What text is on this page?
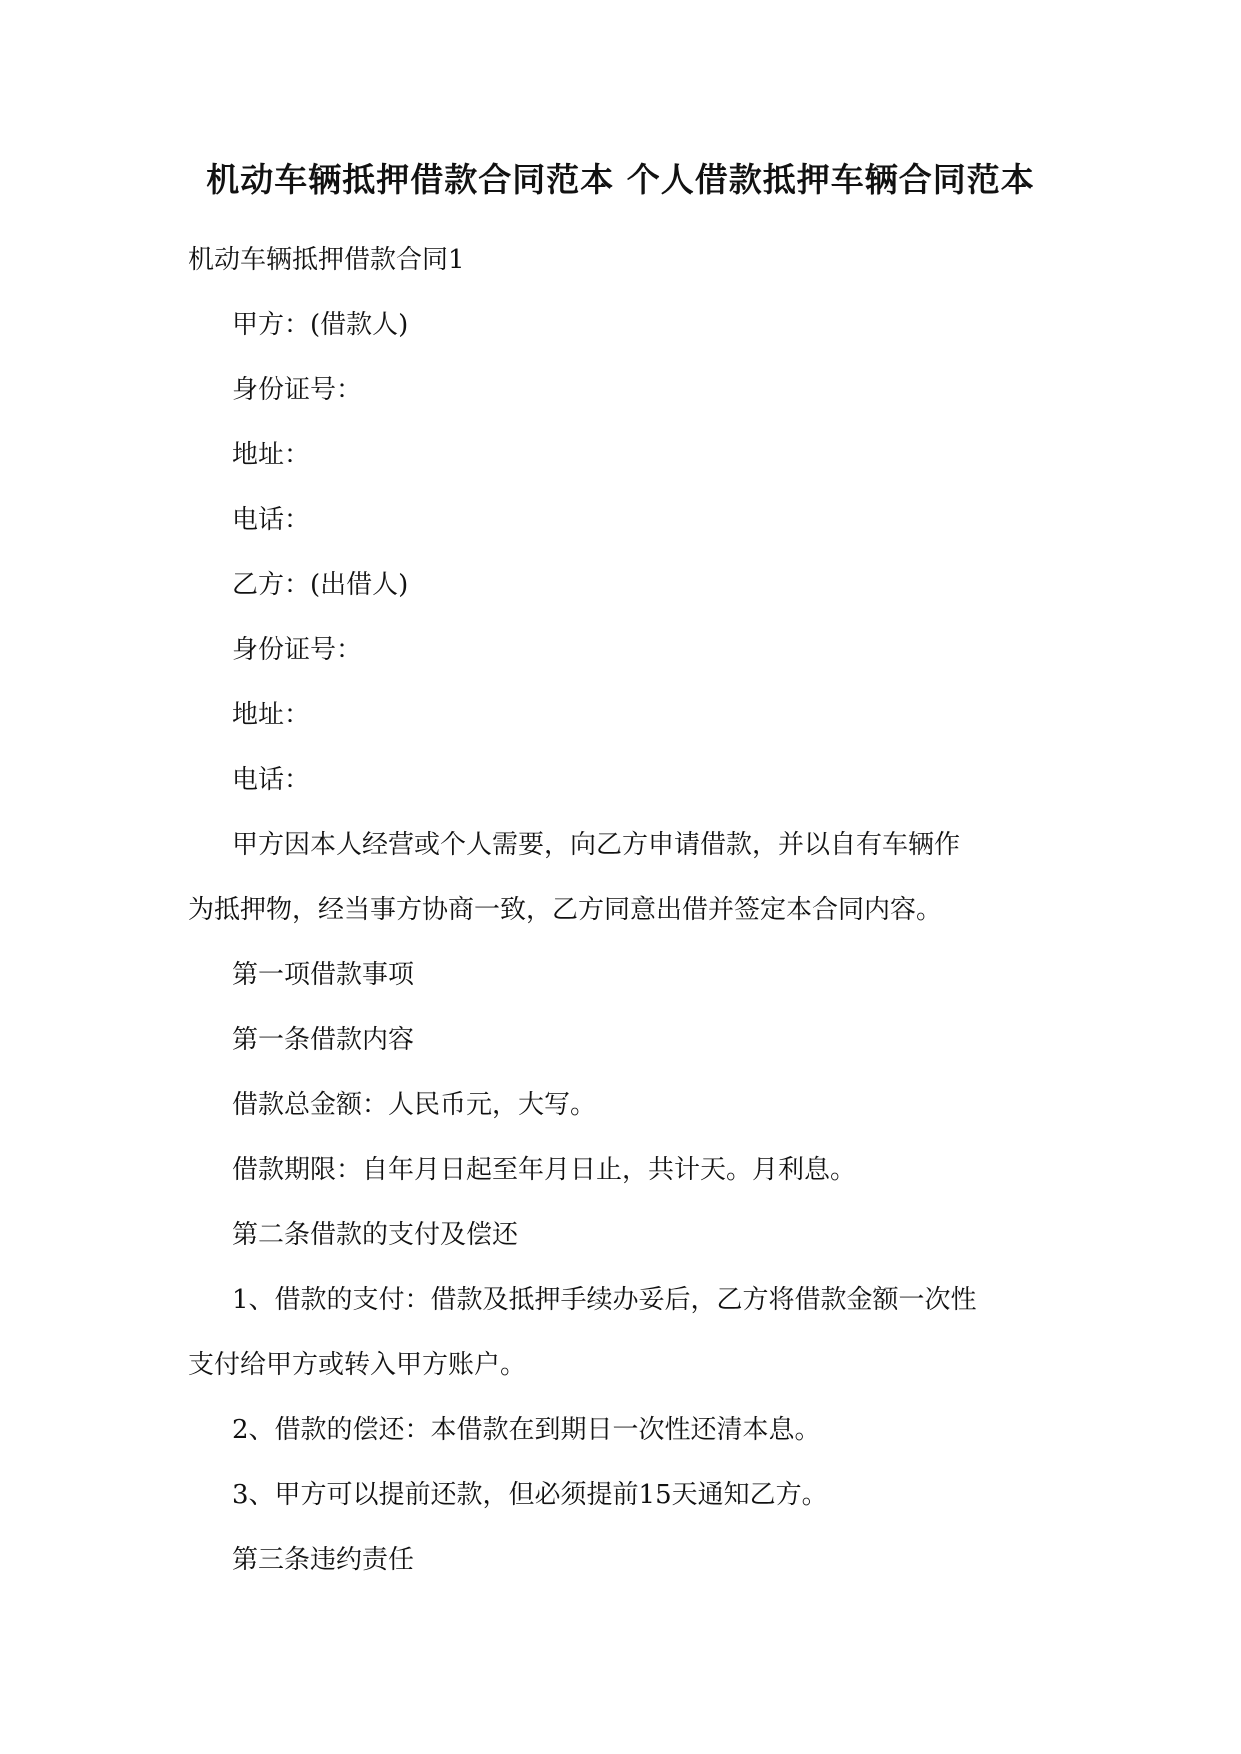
机动车辆抵押借款合同范本 个人借款抵押车辆合同范本
机动车辆抵押借款合同1
甲方：(借款人)
身份证号：
地址：
电话：
乙方：(出借人)
身份证号：
地址：
电话：
甲方因本人经营或个人需要，向乙方申请借款，并以自有车辆作
为抵押物，经当事方协商一致，乙方同意出借并签定本合同内容。
第一项借款事项
第一条借款内容
借款总金额：人民币元，大写。
借款期限：自年月日起至年月日止，共计天。月利息。
第二条借款的支付及偿还
1、借款的支付：借款及抵押手续办妥后，乙方将借款金额一次性
支付给甲方或转入甲方账户。
2、借款的偿还：本借款在到期日一次性还清本息。
3、甲方可以提前还款，但必须提前15天通知乙方。
第三条违约责任
